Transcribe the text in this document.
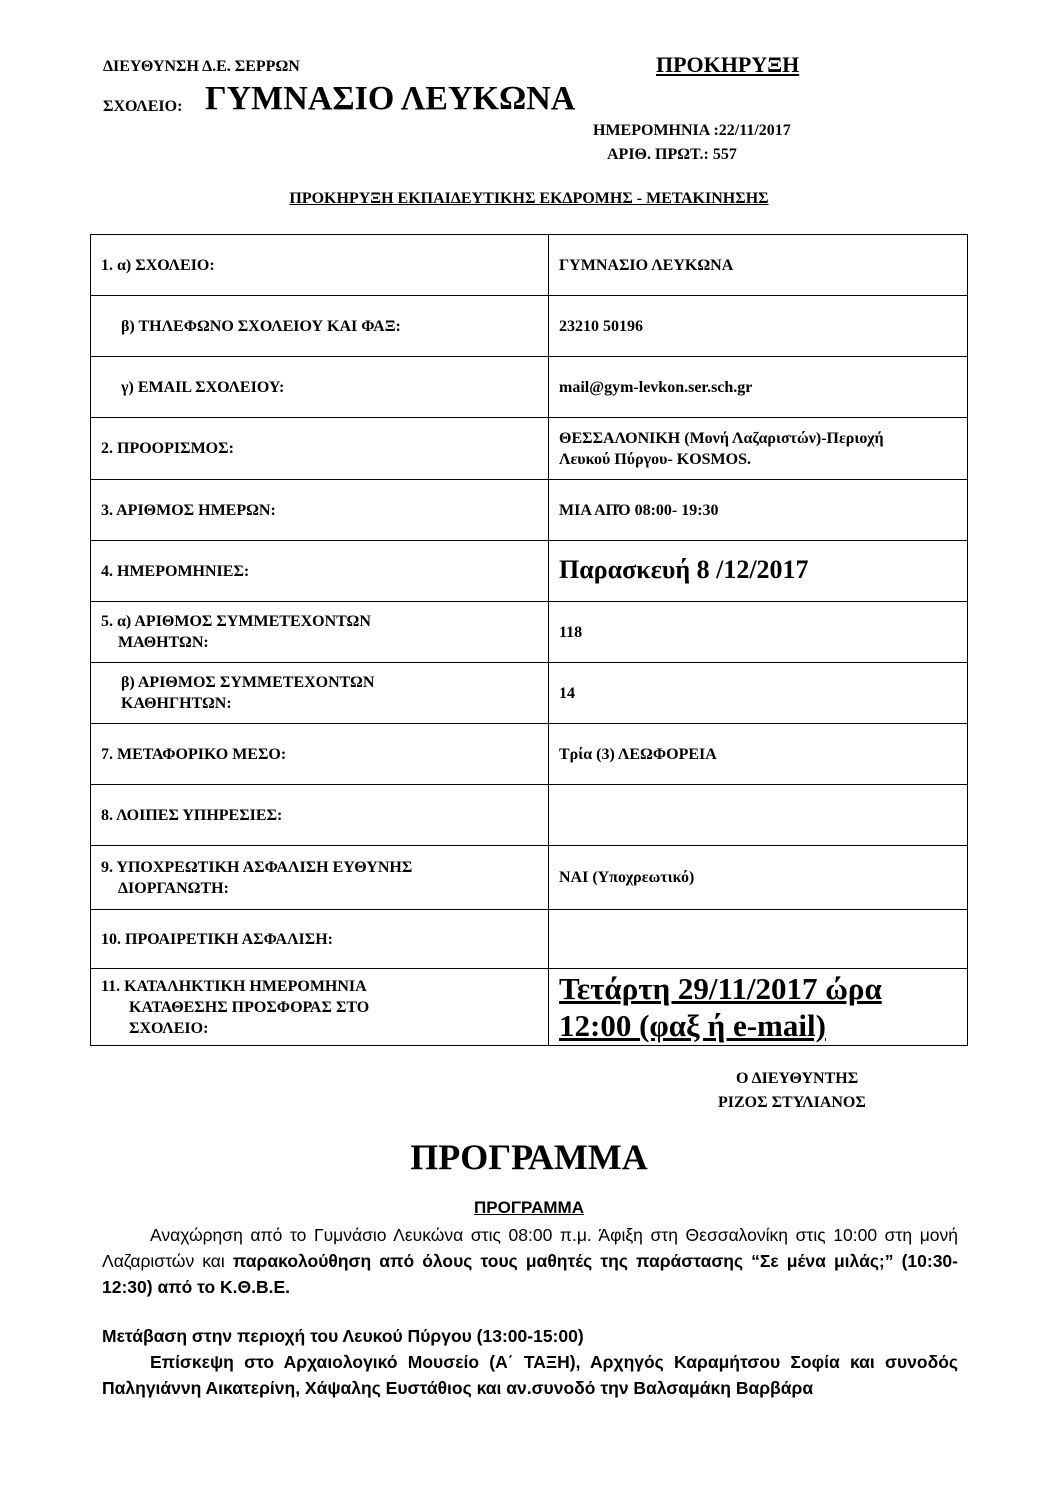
ΔΙΕΥΘΥΝΣΗ Δ.Ε. ΣΕΡΡΩΝ	ΠΡΟΚΗΡΥΞΗ
ΣΧΟΛΕΙΟ: ΓΥΜΝΑΣΙΟ ΛΕΥΚΩΝΑ
ΗΜΕΡΟΜΗΝΙΑ :22/11/2017
ΑΡΙΘ. ΠΡΩΤ.: 557
ΠΡΟΚΗΡΥΞΗ ΕΚΠΑΙΔΕΥΤΙΚΗΣ ΕΚΔΡΟΜΗΣ - ΜΕΤΑΚΙΝΗΣΗΣ
1. α) ΣΧΟΛΕΙΟ:	ΓΥΜΝΑΣΙΟ ΛΕΥΚΩΝΑ
β) ΤΗΛΕΦΩΝΟ ΣΧΟΛΕΙΟΥ ΚΑΙ ΦΑΞ:	23210 50196
γ) EMAIL ΣΧΟΛΕΙΟΥ:	mail@gym-levkon.ser.sch.gr
2. ΠΡΟΟΡΙΣΜΟΣ:	ΘΕΣΣΑΛΟΝΙΚΗ (Μονή Λαζαριστών)-Περιοχή
Λευκού Πύργου- KOSMOS.

3. ΑΡΙΘΜΟΣ ΗΜΕΡΩΝ:	ΜΙΑ ΑΠΌ 08:00- 19:30
4. ΗΜΕΡΟΜΗΝΙΕΣ:	Παρασκευή 8 /12/2017

5. α) ΑΡΙΘΜΟΣ ΣΥΜΜΕΤΕΧΟΝΤΩΝ
ΜΑΘΗΤΩΝ:	118

β) ΑΡΙΘΜΟΣ ΣΥΜΜΕΤΕΧΟΝΤΩΝ
ΚΑΘΗΓΗΤΩΝ:	14
7. ΜΕΤΑΦΟΡΙΚΟ ΜΕΣΟ:	Τρία (3) ΛΕΩΦΟΡΕΙΑ
8. ΛΟΙΠΕΣ ΥΠΗΡΕΣΙΕΣ:	

9. ΥΠΟΧΡΕΩΤΙΚΗ ΑΣΦΑΛΙΣΗ ΕΥΘΥΝΗΣ
ΔΙΟΡΓΑΝΩΤΗ:	ΝΑΙ (Υποχρεωτικό)
10. ΠΡΟΑΙΡΕΤΙΚΗ ΑΣΦΑΛΙΣΗ:	

11. ΚΑΤΑΛΗΚΤΙΚΗ ΗΜΕΡΟΜΗΝΙΑ
ΚΑΤΑΘΕΣΗΣ ΠΡΟΣΦΟΡΑΣ ΣΤΟ
ΣΧΟΛΕΙΟ:	Τετάρτη 29/11/2017 ώρα
12:00 (φαξ ή e-mail)
Ο ΔΙΕΥΘΥΝΤΗΣ
ΡΙΖΟΣ ΣΤΥΛΙΑΝΟΣ
ΠΡΟΓΡΑΜΜΑ
ΠΡΟΓΡΑΜΜΑ
Αναχώρηση από το Γυμνάσιο Λευκώνα στις 08:00 π.μ. Άφιξη στη Θεσσαλονίκη στις 10:00 στη μονή Λαζαριστών και παρακολούθηση από όλους τους μαθητές της παράστασης “Σε μένα μιλάς;” (10:30-12:30) από το Κ.Θ.Β.Ε.
Μετάβαση στην περιοχή του Λευκού Πύργου (13:00-15:00)
Επίσκεψη στο Αρχαιολογικό Μουσείο (Α΄ ΤΑΞΗ), Αρχηγός Καραμήτσου Σοφία και συνοδός Παληγιάννη Αικατερίνη, Χάψαλης Ευστάθιος και αν.συνοδό την Βαλσαμάκη Βαρβάρα
